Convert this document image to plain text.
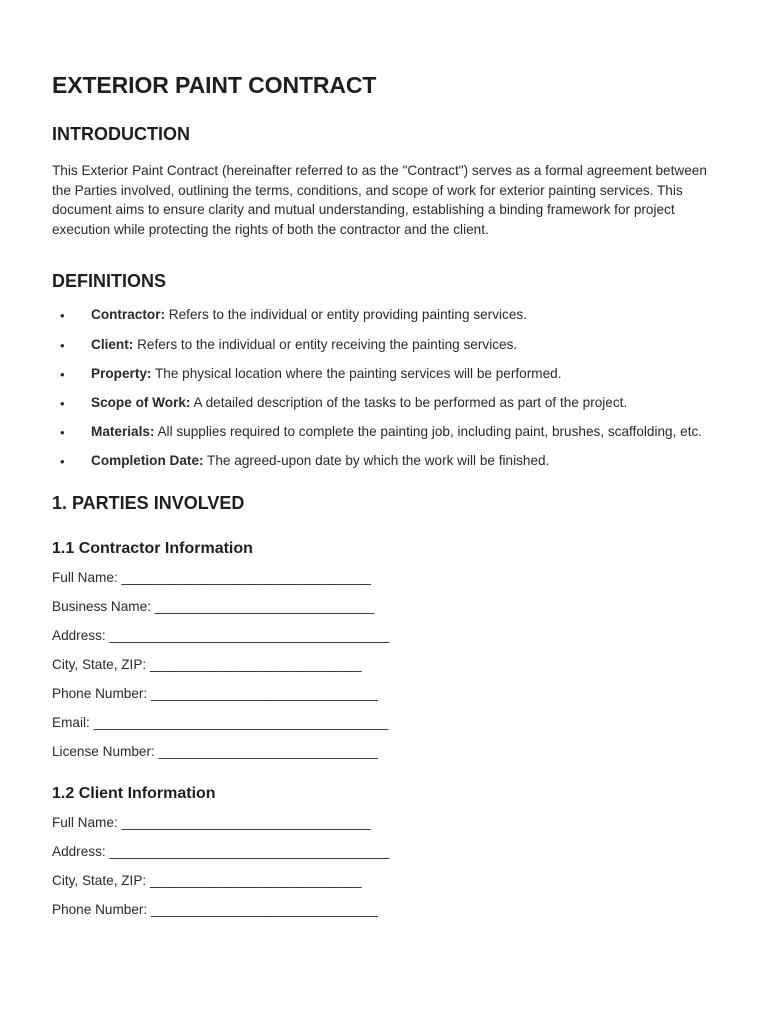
EXTERIOR PAINT CONTRACT
INTRODUCTION

This Exterior Paint Contract (hereinafter referred to as the "Contract") serves as a formal agreement between the Parties involved, outlining the terms, conditions, and scope of work for exterior painting services. This document aims to ensure clarity and mutual understanding, establishing a binding framework for project execution while protecting the rights of both the contractor and the client.

DEFINITIONS
• Contractor: Refers to the individual or entity providing painting services.
• Client: Refers to the individual or entity receiving the painting services.
• Property: The physical location where the painting services will be performed.
• Scope of Work: A detailed description of the tasks to be performed as part of the project.
• Materials: All supplies required to complete the painting job, including paint, brushes, scaffolding, etc.
• Completion Date: The agreed-upon date by which the work will be finished.
1. PARTIES INVOLVED
1.1 Contractor Information
Full Name: _________________________________
Business Name: _____________________________
Address: _____________________________________
City, State, ZIP: ____________________________
Phone Number: ______________________________
Email: _______________________________________
License Number: _____________________________
1.2 Client Information
Full Name: _________________________________
Address: _____________________________________
City, State, ZIP: ____________________________
Phone Number: ______________________________
